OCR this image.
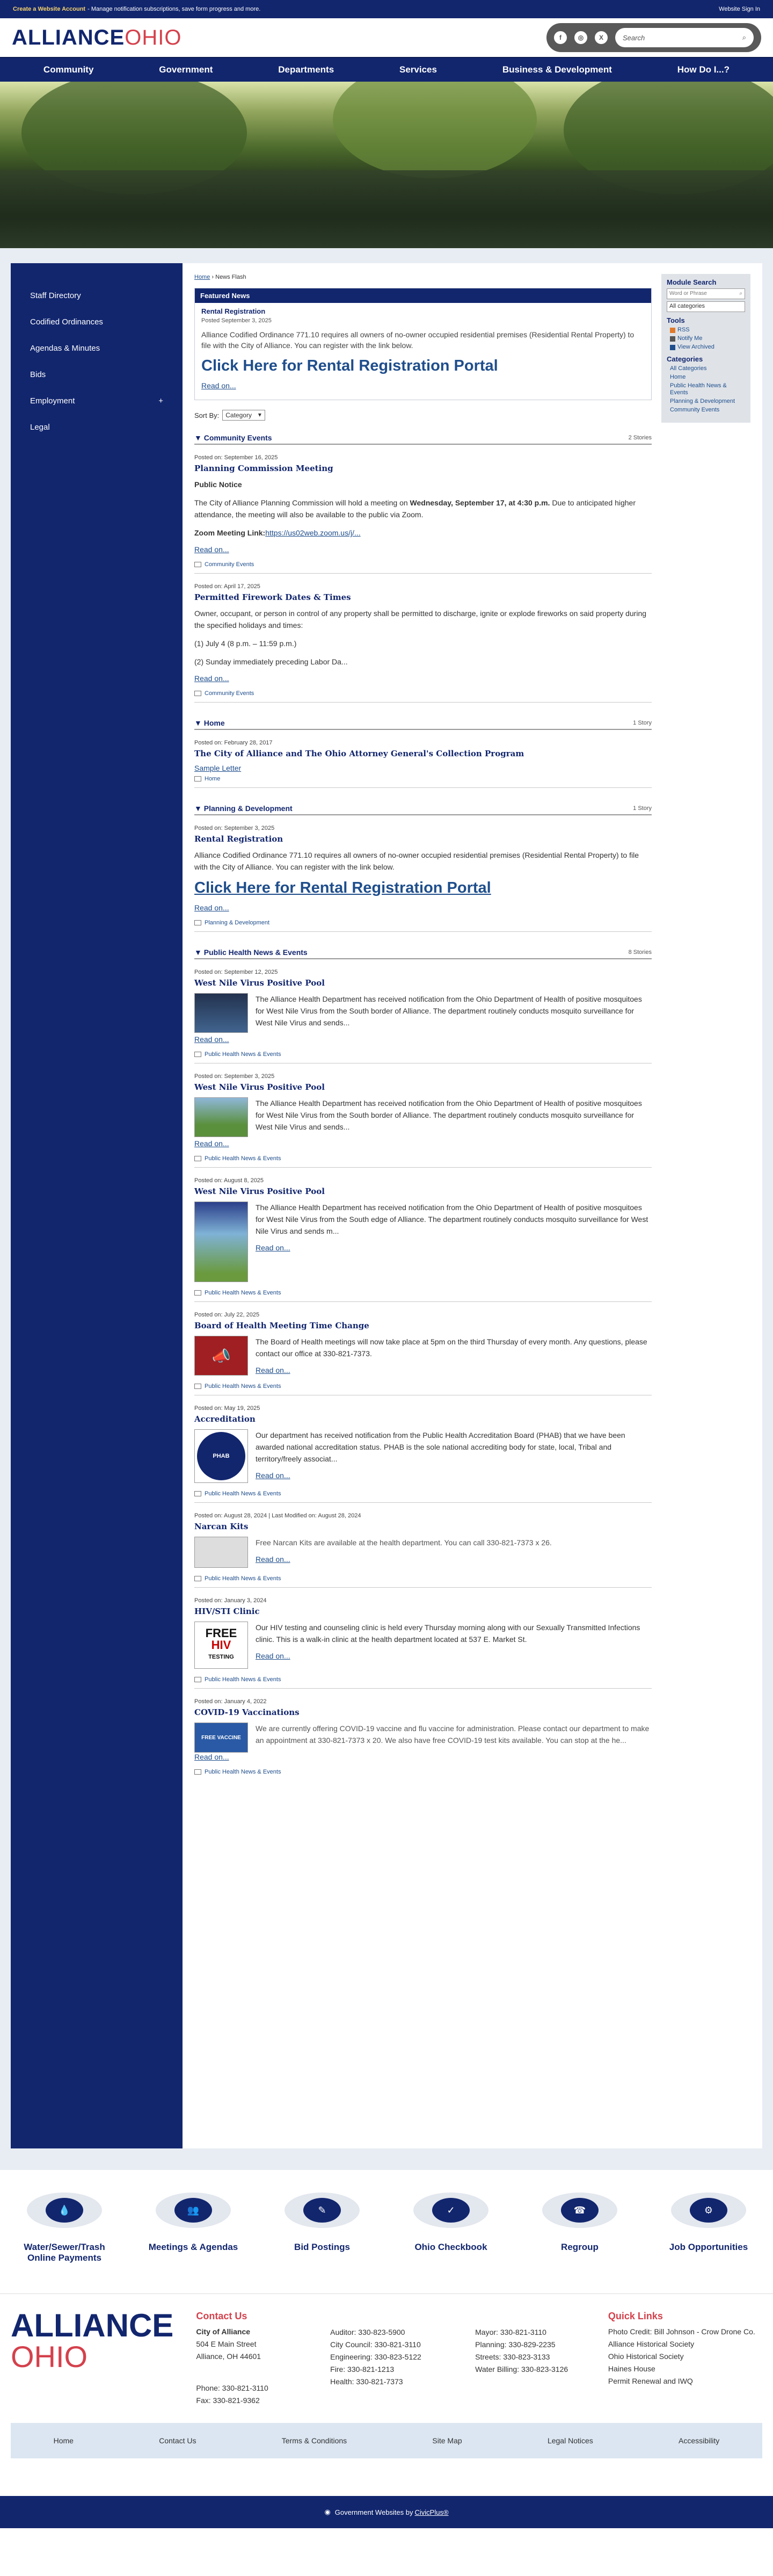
Create a Website Account - Manage notification subscriptions, save form progress and more.	Website Sign In
ALLIANCEOHIO	f	◎	X	Search	⌕
Community	Government	Departments	Services	Business & Development	How Do I...?
Staff Directory
Codified Ordinances
Agendas & Minutes
Bids
Employment	+
Legal
Home › News Flash
Featured News
Rental Registration
Posted September 3, 2025
Alliance Codified Ordinance 771.10 requires all owners of no-owner occupied residential premises (Residential Rental Property) to file with the City of Alliance. You can register with the link below.
Click Here for Rental Registration Portal
Read on...
Sort By:	Category ▾
▼ Community Events	2 Stories
Posted on: September 16, 2025
Planning Commission Meeting
Public Notice
The City of Alliance Planning Commission will hold a meeting on Wednesday, September 17, at 4:30 p.m. Due to anticipated higher attendance, the meeting will also be available to the public via Zoom.
Zoom Meeting Link:https://us02web.zoom.us/j/...
Read on...
Community Events
Posted on: April 17, 2025
Permitted Firework Dates & Times
Owner, occupant, or person in control of any property shall be permitted to discharge, ignite or explode fireworks on said property during the specified holidays and times:
(1) July 4 (8 p.m. – 11:59 p.m.)
(2) Sunday immediately preceding Labor Da...
Read on...
Community Events
▼ Home	1 Story
Posted on: February 28, 2017
The City of Alliance and The Ohio Attorney General's Collection Program
Sample Letter
Home
▼ Planning & Development	1 Story
Posted on: September 3, 2025
Rental Registration
Alliance Codified Ordinance 771.10 requires all owners of no-owner occupied residential premises (Residential Rental Property) to file with the City of Alliance. You can register with the link below.
Click Here for Rental Registration Portal
Read on...
Planning & Development
▼ Public Health News & Events	8 Stories
Posted on: September 12, 2025
West Nile Virus Positive Pool
The Alliance Health Department has received notification from the Ohio Department of Health of positive mosquitoes for West Nile Virus from the South border of Alliance. The department routinely conducts mosquito surveillance for West Nile Virus and sends...
Read on...
Public Health News & Events
Posted on: September 3, 2025
West Nile Virus Positive Pool
The Alliance Health Department has received notification from the Ohio Department of Health of positive mosquitoes for West Nile Virus from the South border of Alliance. The department routinely conducts mosquito surveillance for West Nile Virus and sends...
Read on...
Public Health News & Events
Posted on: August 8, 2025
West Nile Virus Positive Pool
The Alliance Health Department has received notification from the Ohio Department of Health of positive mosquitoes for West Nile Virus from the South edge of Alliance. The department routinely conducts mosquito surveillance for West Nile Virus and sends m...
Read on...
Public Health News & Events
Posted on: July 22, 2025
Board of Health Meeting Time Change
📣
The Board of Health meetings will now take place at 5pm on the third Thursday of every month. Any questions, please contact our office at 330-821-7373.
Read on...
Public Health News & Events
Posted on: May 19, 2025
Accreditation
PHAB
Our department has received notification from the Public Health Accreditation Board (PHAB) that we have been awarded national accreditation status. PHAB is the sole national accrediting body for state, local, Tribal and territory/freely associat...
Read on...
Public Health News & Events
Posted on: August 28, 2024 | Last Modified on: August 28, 2024
Narcan Kits
Free Narcan Kits are available at the health department. You can call 330-821-7373 x 26.
Read on...
Public Health News & Events
Posted on: January 3, 2024
HIV/STI Clinic
FREE
HIV
TESTING
Our HIV testing and counseling clinic is held every Thursday morning along with our Sexually Transmitted Infections clinic. This is a walk-in clinic at the health department located at 537 E. Market St.
Read on...
Public Health News & Events
Posted on: January 4, 2022
COVID-19 Vaccinations
FREE VACCINE
We are currently offering COVID-19 vaccine and flu vaccine for administration. Please contact our department to make an appointment at 330-821-7373 x 20. We also have free COVID-19 test kits available. You can stop at the he...
Read on...
Public Health News & Events
Module Search
Word or Phrase	⌕
All categories
Tools
RSS
Notify Me
View Archived
Categories
All Categories
Home
Public Health News & Events
Planning & Development
Community Events
💧
Water/Sewer/Trash Online Payments
👥
Meetings & Agendas
✎
Bid Postings
✓
Ohio Checkbook
☎
Regroup
⚙
Job Opportunities
ALLIANCE
OHIO
Contact Us
City of Alliance
504 E Main Street
Alliance, OH 44601
Phone: 330-821-3110
Fax: 330-821-9362
Auditor: 330-823-5900
City Council: 330-821-3110
Engineering: 330-823-5122
Fire: 330-821-1213
Health: 330-821-7373
Mayor: 330-821-3110
Planning: 330-829-2235
Streets: 330-823-3133
Water Billing: 330-823-3126
Quick Links
Photo Credit: Bill Johnson - Crow Drone Co.
Alliance Historical Society
Ohio Historical Society
Haines House
Permit Renewal and IWQ
Home	Contact Us	Terms & Conditions	Site Map	Legal Notices	Accessibility
◉ Government Websites by CivicPlus®
